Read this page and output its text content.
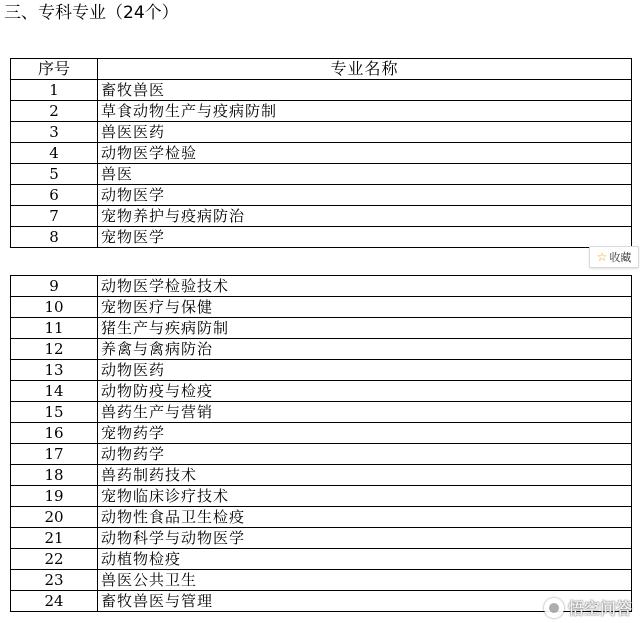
三、专科专业（24个）
序号	专业名称
1	畜牧兽医
2	草食动物生产与疫病防制
3	兽医医药
4	动物医学检验
5	兽医
6	动物医学
7	宠物养护与疫病防治
8	宠物医学
☆ 收藏
9	动物医学检验技术
10	宠物医疗与保健
11	猪生产与疾病防制
12	养禽与禽病防治
13	动物医药
14	动物防疫与检疫
15	兽药生产与营销
16	宠物药学
17	动物药学
18	兽药制药技术
19	宠物临床诊疗技术
20	动物性食品卫生检疫
21	动物科学与动物医学
22	动植物检疫
23	兽医公共卫生
24	畜牧兽医与管理	悟空问答
